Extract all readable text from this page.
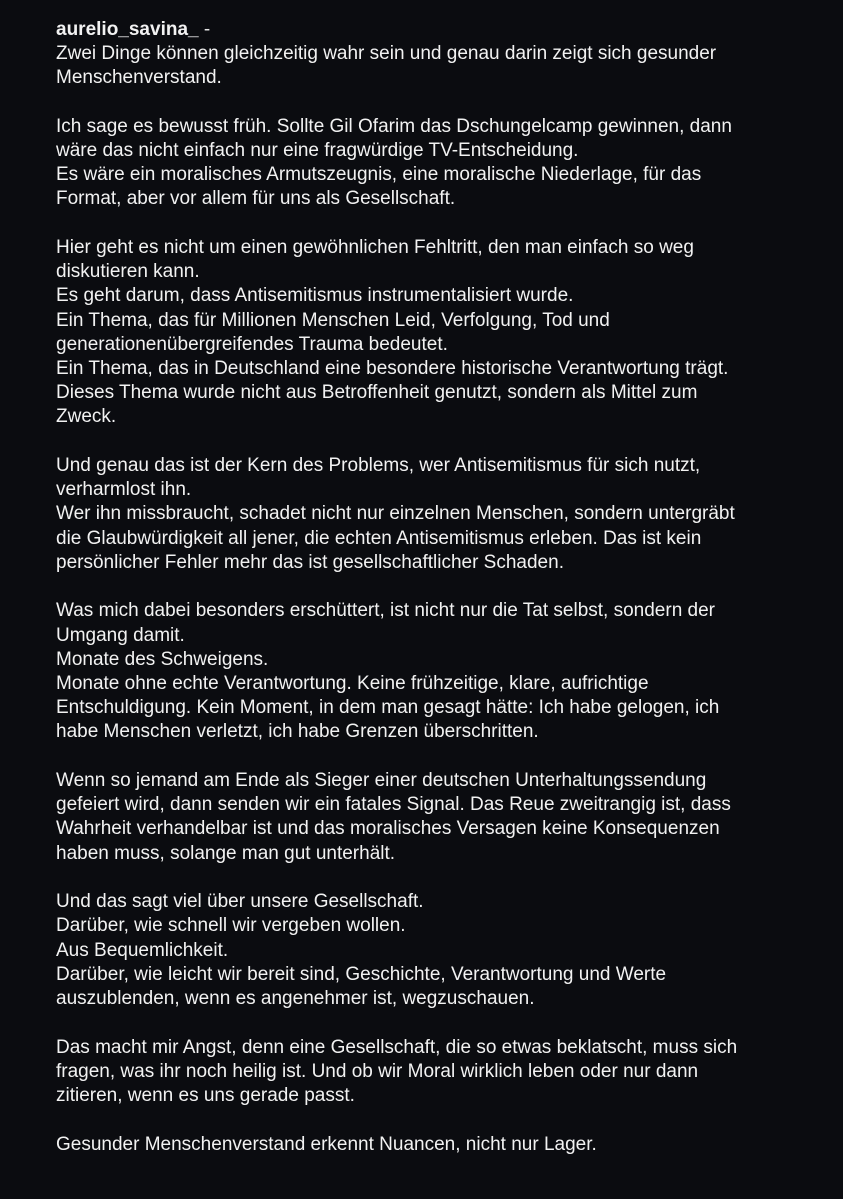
aurelio_savina_ -

Zwei Dinge können gleichzeitig wahr sein und genau darin zeigt sich gesunder
Menschenverstand.

Ich sage es bewusst früh. Sollte Gil Ofarim das Dschungelcamp gewinnen, dann
wäre das nicht einfach nur eine fragwürdige TV-Entscheidung.
Es wäre ein moralisches Armutszeugnis, eine moralische Niederlage, für das
Format, aber vor allem für uns als Gesellschaft.

Hier geht es nicht um einen gewöhnlichen Fehltritt, den man einfach so weg
diskutieren kann.
Es geht darum, dass Antisemitismus instrumentalisiert wurde.
Ein Thema, das für Millionen Menschen Leid, Verfolgung, Tod und
generationenübergreifendes Trauma bedeutet.
Ein Thema, das in Deutschland eine besondere historische Verantwortung trägt.
Dieses Thema wurde nicht aus Betroffenheit genutzt, sondern als Mittel zum
Zweck.

Und genau das ist der Kern des Problems, wer Antisemitismus für sich nutzt,
verharmlost ihn.
Wer ihn missbraucht, schadet nicht nur einzelnen Menschen, sondern untergräbt
die Glaubwürdigkeit all jener, die echten Antisemitismus erleben. Das ist kein
persönlicher Fehler mehr das ist gesellschaftlicher Schaden.

Was mich dabei besonders erschüttert, ist nicht nur die Tat selbst, sondern der
Umgang damit.
Monate des Schweigens.
Monate ohne echte Verantwortung. Keine frühzeitige, klare, aufrichtige
Entschuldigung. Kein Moment, in dem man gesagt hätte: Ich habe gelogen, ich
habe Menschen verletzt, ich habe Grenzen überschritten.

Wenn so jemand am Ende als Sieger einer deutschen Unterhaltungssendung
gefeiert wird, dann senden wir ein fatales Signal. Das Reue zweitrangig ist, dass
Wahrheit verhandelbar ist und das moralisches Versagen keine Konsequenzen
haben muss, solange man gut unterhält.

Und das sagt viel über unsere Gesellschaft.
Darüber, wie schnell wir vergeben wollen.
Aus Bequemlichkeit.
Darüber, wie leicht wir bereit sind, Geschichte, Verantwortung und Werte
auszublenden, wenn es angenehmer ist, wegzuschauen.

Das macht mir Angst, denn eine Gesellschaft, die so etwas beklatscht, muss sich
fragen, was ihr noch heilig ist. Und ob wir Moral wirklich leben oder nur dann
zitieren, wenn es uns gerade passt.

Gesunder Menschenverstand erkennt Nuancen, nicht nur Lager.
